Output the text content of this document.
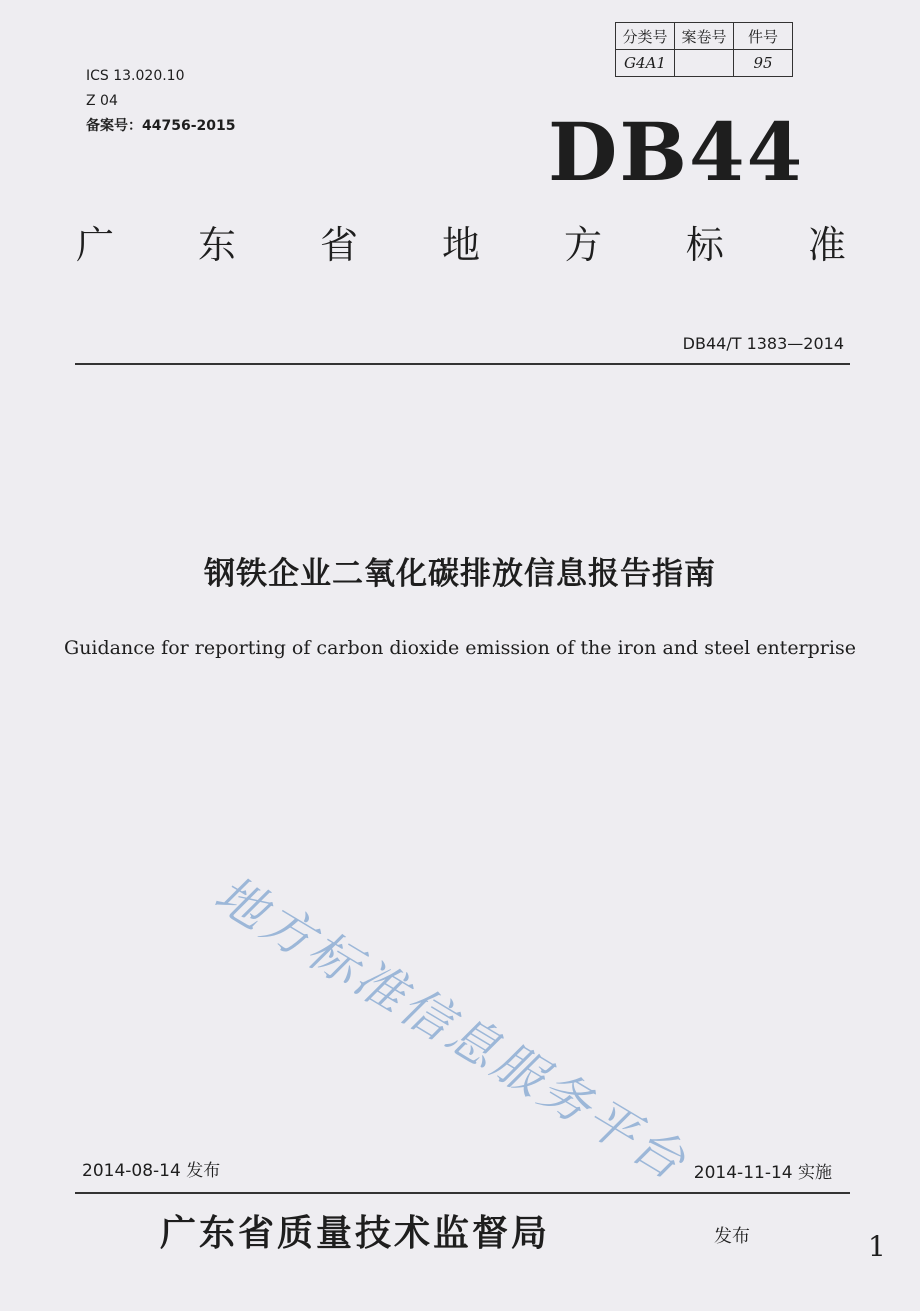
ICS 13.020.10
Z 04
备案号：44756-2015
分类号	案卷号	件号
G4A1		95
DB44
广 东 省 地 方 标 准
DB44/T 1383—2014
钢铁企业二氧化碳排放信息报告指南
Guidance for reporting of carbon dioxide emission of the iron and steel enterprise
地方标准信息服务平台
2014-08-14 发布	2014-11-14 实施
广东省质量技术监督局	发布	1
